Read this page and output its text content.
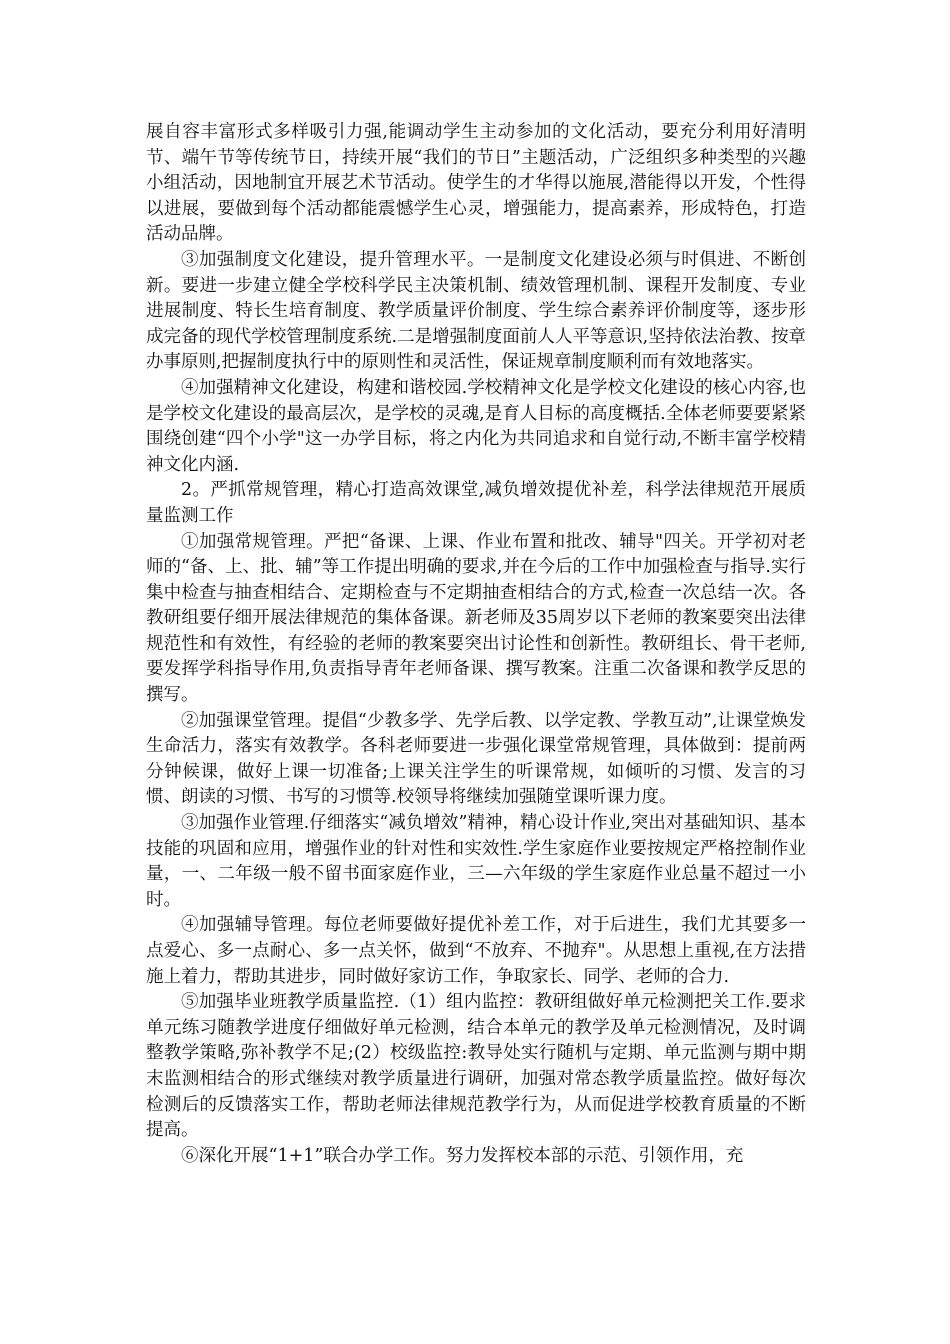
展自容丰富形式多样吸引力强,能调动学生主动参加的文化活动，要充分利用好清明节、端午节等传统节日，持续开展“我们的节日”主题活动，广泛组织多种类型的兴趣小组活动，因地制宜开展艺术节活动。使学生的才华得以施展,潜能得以开发，个性得以进展，要做到每个活动都能震憾学生心灵，增强能力，提高素养，形成特色，打造活动品牌。

③加强制度文化建设，提升管理水平。一是制度文化建设必须与时俱进、不断创新。要进一步建立健全学校科学民主决策机制、绩效管理机制、课程开发制度、专业进展制度、特长生培育制度、教学质量评价制度、学生综合素养评价制度等，逐步形成完备的现代学校管理制度系统.二是增强制度面前人人平等意识,坚持依法治教、按章办事原则,把握制度执行中的原则性和灵活性，保证规章制度顺利而有效地落实。

④加强精神文化建设，构建和谐校园.学校精神文化是学校文化建设的核心内容,也是学校文化建设的最高层次，是学校的灵魂,是育人目标的高度概括.全体老师要要紧紧围绕创建“四个小学"这一办学目标，将之内化为共同追求和自觉行动,不断丰富学校精神文化内涵.

2。严抓常规管理，精心打造高效课堂,减负增效提优补差，科学法律规范开展质量监测工作

①加强常规管理。严把“备课、上课、作业布置和批改、辅导"四关。开学初对老师的“备、上、批、辅”等工作提出明确的要求,并在今后的工作中加强检查与指导.实行集中检查与抽查相结合、定期检查与不定期抽查相结合的方式,检查一次总结一次。各教研组要仔细开展法律规范的集体备课。新老师及35周岁以下老师的教案要突出法律规范性和有效性，有经验的老师的教案要突出讨论性和创新性。教研组长、骨干老师,要发挥学科指导作用,负责指导青年老师备课、撰写教案。注重二次备课和教学反思的撰写。

②加强课堂管理。提倡“少教多学、先学后教、以学定教、学教互动”,让课堂焕发生命活力，落实有效教学。各科老师要进一步强化课堂常规管理，具体做到：提前两分钟候课，做好上课一切准备;上课关注学生的听课常规，如倾听的习惯、发言的习惯、朗读的习惯、书写的习惯等.校领导将继续加强随堂课听课力度。

③加强作业管理.仔细落实“减负增效”精神，精心设计作业,突出对基础知识、基本技能的巩固和应用，增强作业的针对性和实效性.学生家庭作业要按规定严格控制作业量，一、二年级一般不留书面家庭作业，三—六年级的学生家庭作业总量不超过一小时。

④加强辅导管理。每位老师要做好提优补差工作，对于后进生，我们尤其要多一点爱心、多一点耐心、多一点关怀，做到“不放弃、不抛弃"。从思想上重视,在方法措施上着力，帮助其进步，同时做好家访工作，争取家长、同学、老师的合力.

⑤加强毕业班教学质量监控.（1）组内监控：教研组做好单元检测把关工作.要求单元练习随教学进度仔细做好单元检测，结合本单元的教学及单元检测情况，及时调整教学策略,弥补教学不足;(2）校级监控:教导处实行随机与定期、单元监测与期中期末监测相结合的形式继续对教学质量进行调研，加强对常态教学质量监控。做好每次检测后的反馈落实工作，帮助老师法律规范教学行为，从而促进学校教育质量的不断提高。

⑥深化开展“1+1”联合办学工作。努力发挥校本部的示范、引领作用，充
